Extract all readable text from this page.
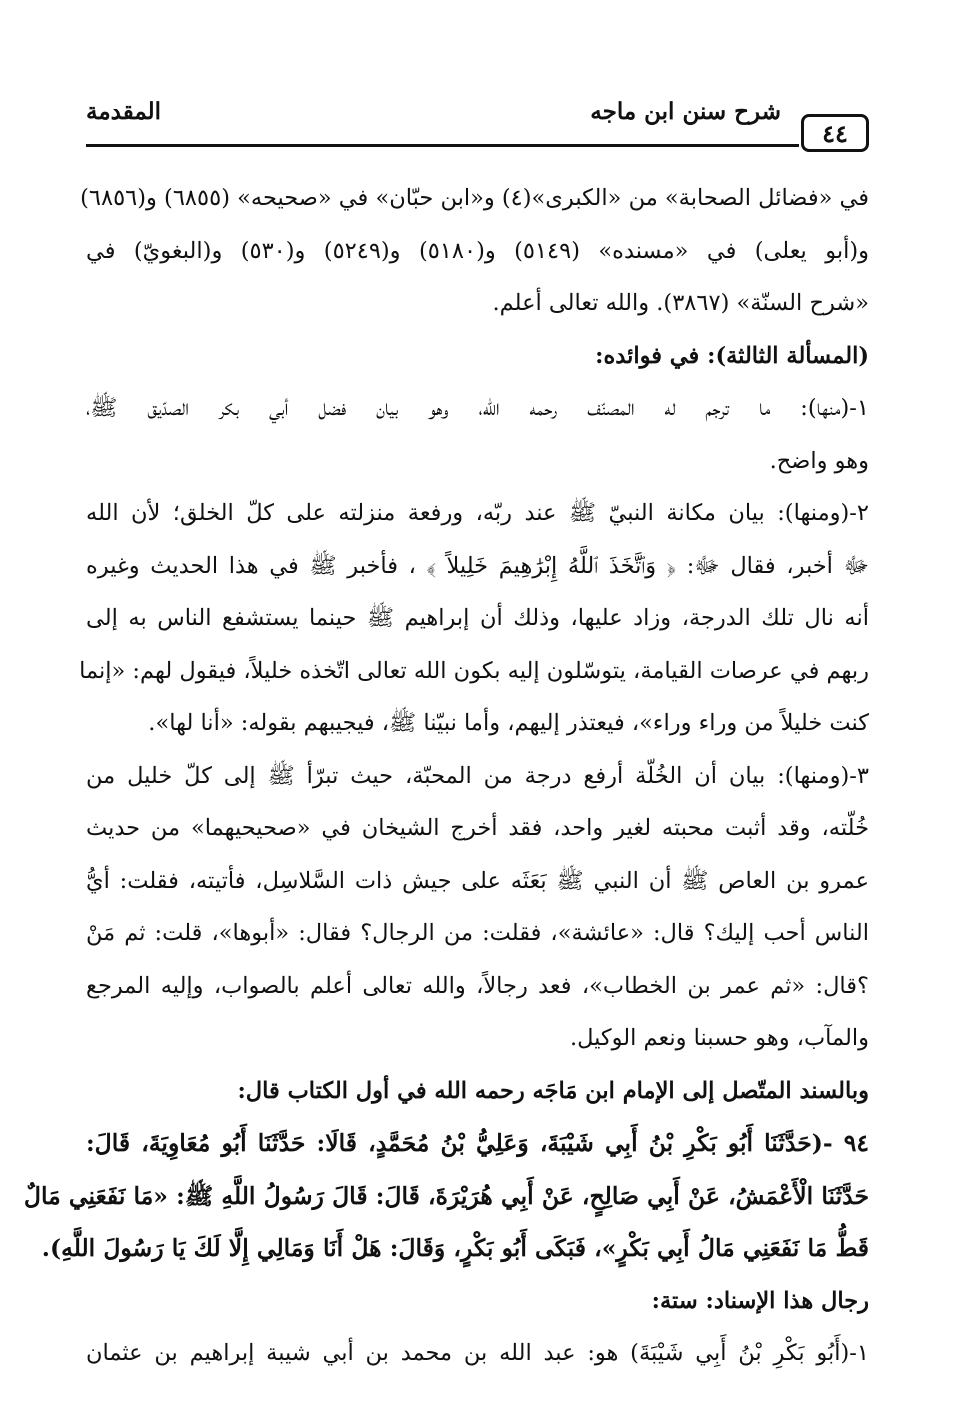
٤٤
شرح سنن ابن ماجه
المقدمة
في «فضائل الصحابة» من «الكبرى»(٤) و«ابن حبّان» في «صحيحه» (٦٨٥٥) و(٦٨٥٦)
و(أبو يعلى) في «مسنده» (٥١٤٩) و(٥١٨٠) و(٥٢٤٩) و(٥٣٠) و(البغويّ) في
«شرح السنّة» (٣٨٦٧). والله تعالى أعلم.
(المسألة الثالثة): في فوائده:
١-(منها): ما ترجم له المصنّف رحمه الله، وهو بيان فضل أبي بكر الصدّيق ﷺ،
وهو واضح.
٢-(ومنها): بيان مكانة النبيّ ﷺ عند ربّه، ورفعة منزلته على كلّ الخلق؛ لأن الله
ﷻ أخبر، فقال ﷻ: ﴿ وَٱتَّخَذَ ٱللَّهُ إِبْرَٰهِيمَ خَلِيلاً ﴾ ، فأخبر ﷺ في هذا الحديث وغيره
أنه نال تلك الدرجة، وزاد عليها، وذلك أن إبراهيم ﷺ حينما يستشفع الناس به إلى
ربهم في عرصات القيامة، يتوسّلون إليه بكون الله تعالى اتّخذه خليلاً، فيقول لهم: «إنما
كنت خليلاً من وراء وراء»، فيعتذر إليهم، وأما نبيّنا ﷺ، فيجيبهم بقوله: «أنا لها».
٣-(ومنها): بيان أن الخُلّة أرفع درجة من المحبّة، حيث تبرّأ ﷺ إلى كلّ خليل من
خُلّته، وقد أثبت محبته لغير واحد، فقد أخرج الشيخان في «صحيحيهما» من حديث
عمرو بن العاص ﷺ أن النبي ﷺ بَعَثَه على جيش ذات السَّلاسِل، فأتيته، فقلت: أيُّ
الناس أحب إليك؟ قال: «عائشة»، فقلت: من الرجال؟ فقال: «أبوها»، قلت: ثم مَنْ
؟قال: «ثم عمر بن الخطاب»، فعد رجالاً، والله تعالى أعلم بالصواب، وإليه المرجع
والمآب، وهو حسبنا ونعم الوكيل.
وبالسند المتّصل إلى الإمام ابن مَاجَه رحمه الله في أول الكتاب قال:
٩٤ -(حَدَّثَنَا أَبُو بَكْرِ بْنُ أَبِي شَيْبَةَ، وَعَلِيُّ بْنُ مُحَمَّدٍ، قَالَا: حَدَّثَنَا أَبُو مُعَاوِيَةَ، قَالَ:
حَدَّثَنَا الْأَعْمَشُ، عَنْ أَبِي صَالِحٍ، عَنْ أَبِي هُرَيْرَةَ، قَالَ: قَالَ رَسُولُ اللَّهِ ﷺ: «مَا نَفَعَنِي مَالٌ
قَطُّ مَا نَفَعَنِي مَالُ أَبِي بَكْرٍ»، فَبَكَى أَبُو بَكْرٍ، وَقَالَ: هَلْ أَنَا وَمَالِي إِلَّا لَكَ يَا رَسُولَ اللَّهِ).
رجال هذا الإسناد: ستة:
١-(أَبُو بَكْرِ بْنُ أَبِي شَيْبَةَ) هو: عبد الله بن محمد بن أبي شيبة إبراهيم بن عثمان
